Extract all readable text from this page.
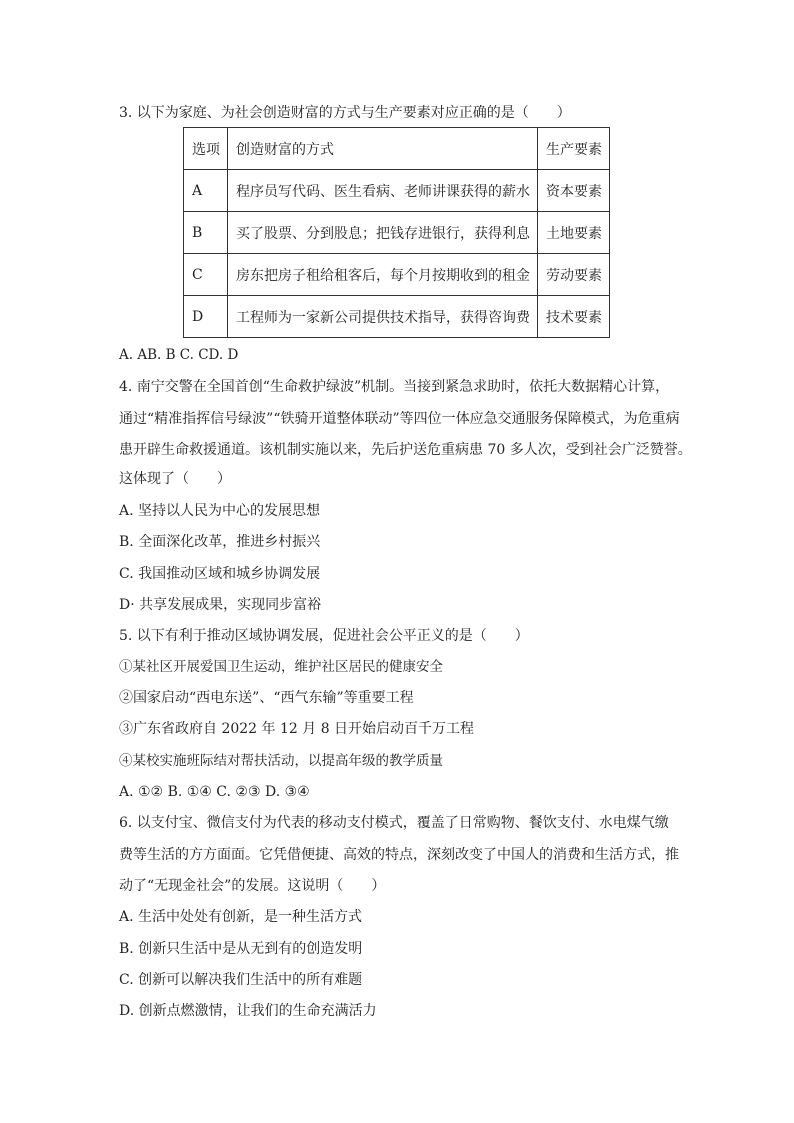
3. 以下为家庭、为社会创造财富的方式与生产要素对应正确的是（　　）
选项	创造财富的方式	生产要素
A	程序员写代码、医生看病、老师讲课获得的薪水	资本要素
B	买了股票、分到股息；把钱存进银行，获得利息	土地要素
C	房东把房子租给租客后，每个月按期收到的租金	劳动要素
D	工程师为一家新公司提供技术指导，获得咨询费	技术要素
A. AB. B C. CD. D
4. 南宁交警在全国首创“生命救护绿波”机制。当接到紧急求助时，依托大数据精心计算，
通过“精准指挥信号绿波”“铁骑开道整体联动”等四位一体应急交通服务保障模式，为危重病
患开辟生命救援通道。该机制实施以来，先后护送危重病患 70 多人次，受到社会广泛赞誉。
这体现了（　　）
A. 坚持以人民为中心的发展思想
B. 全面深化改革，推进乡村振兴
C. 我国推动区域和城乡协调发展
D· 共享发展成果，实现同步富裕
5. 以下有利于推动区域协调发展，促进社会公平正义的是（　　）
①某社区开展爱国卫生运动，维护社区居民的健康安全
②国家启动“西电东送”、“西气东输”等重要工程
③广东省政府自 2022 年 12 月 8 日开始启动百千万工程
④某校实施班际结对帮扶活动，以提高年级的教学质量
A. ①② B. ①④ C. ②③ D. ③④
6. 以支付宝、微信支付为代表的移动支付模式，覆盖了日常购物、餐饮支付、水电煤气缴
费等生活的方方面面。它凭借便捷、高效的特点，深刻改变了中国人的消费和生活方式，推
动了“无现金社会”的发展。这说明（　　）
A. 生活中处处有创新，是一种生活方式
B. 创新只生活中是从无到有的创造发明
C. 创新可以解决我们生活中的所有难题
D. 创新点燃激情，让我们的生命充满活力
